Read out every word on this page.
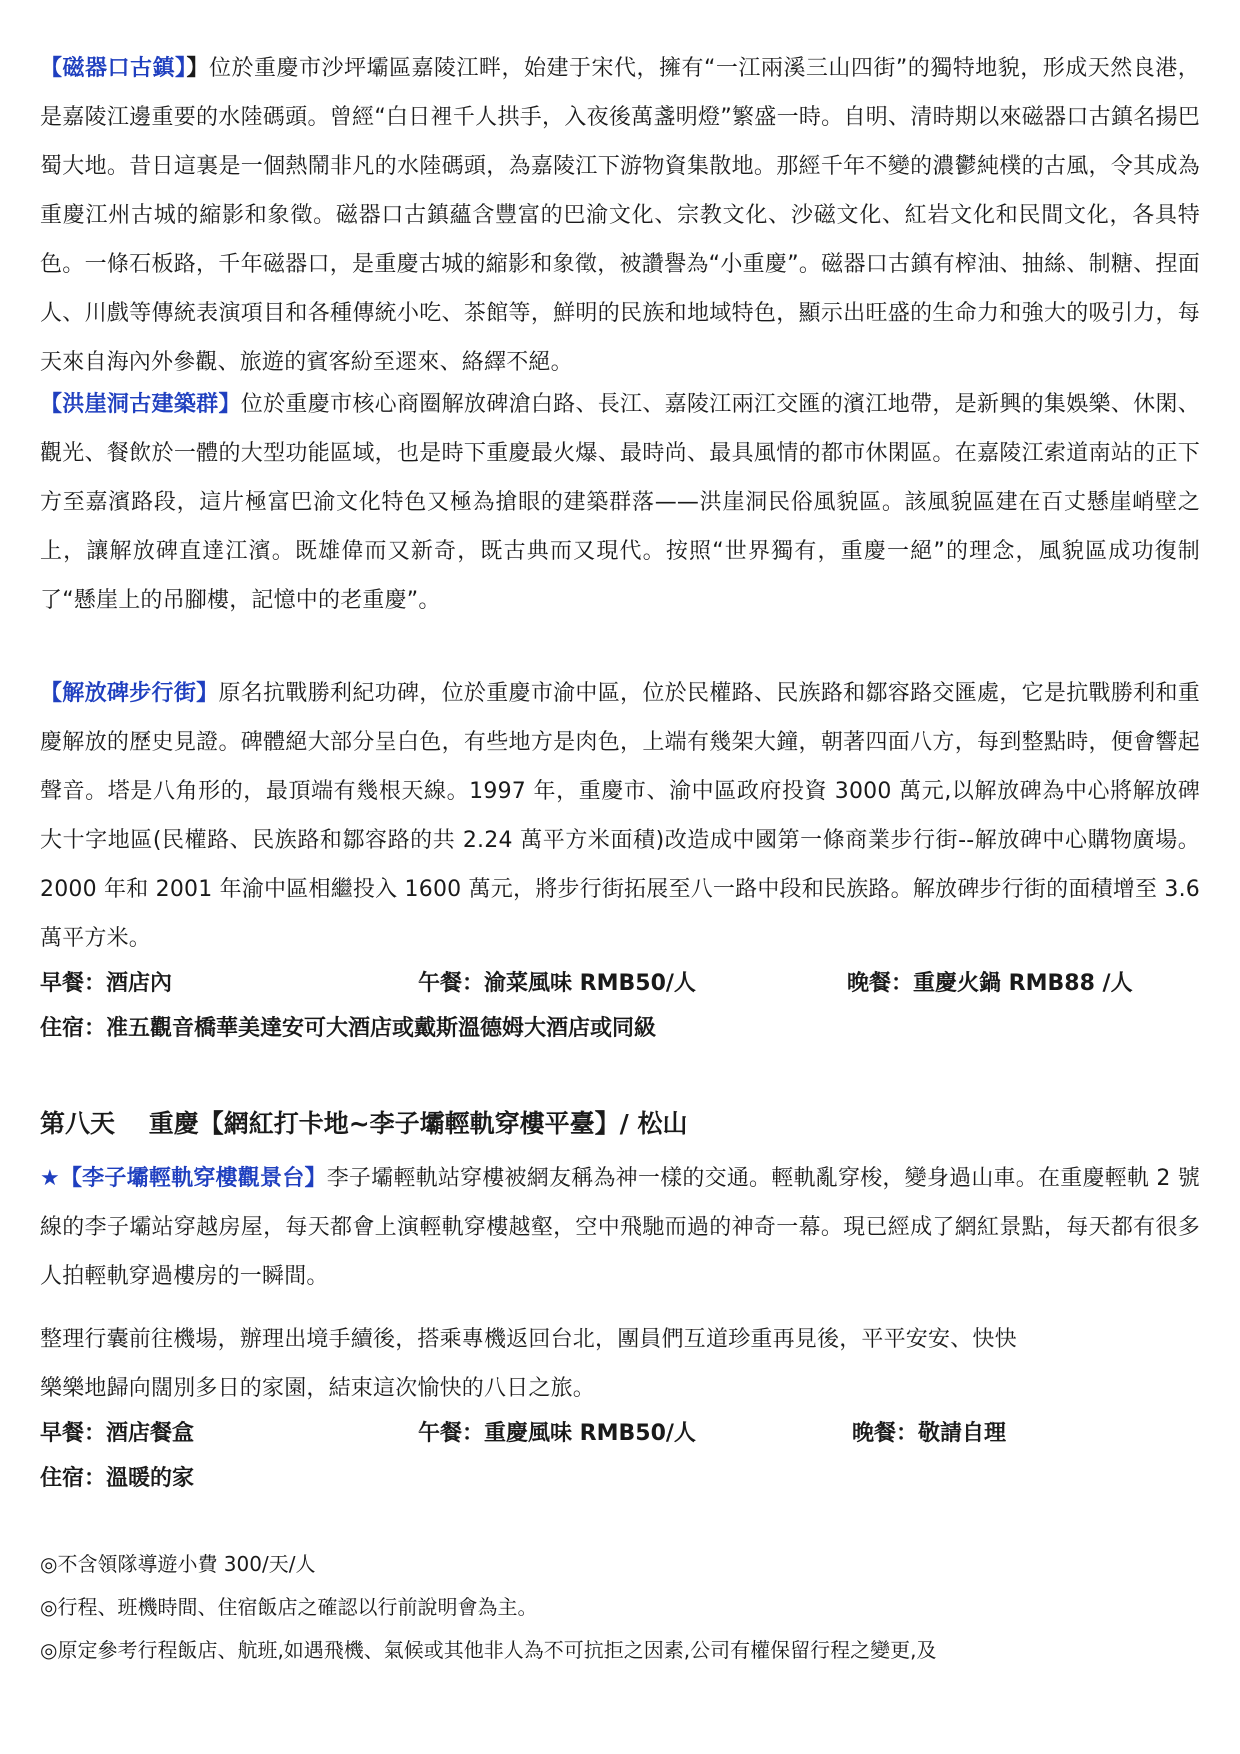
【磁器口古鎮】】位於重慶市沙坪壩區嘉陵江畔，始建于宋代，擁有“一江兩溪三山四街”的獨特地貌，形成天然良港，是嘉陵江邊重要的水陸碼頭。曾經“白日裡千人拱手，入夜後萬盞明燈”繁盛一時。自明、清時期以來磁器口古鎮名揚巴蜀大地。昔日這裏是一個熱鬧非凡的水陸碼頭，為嘉陵江下游物資集散地。那經千年不變的濃鬱純樸的古風，令其成為重慶江州古城的縮影和象徵。磁器口古鎮蘊含豐富的巴渝文化、宗教文化、沙磁文化、紅岩文化和民間文化，各具特色。一條石板路，千年磁器口，是重慶古城的縮影和象徵，被讚譽為“小重慶”。磁器口古鎮有榨油、抽絲、制糖、捏面人、川戲等傳統表演項目和各種傳統小吃、茶館等，鮮明的民族和地域特色，顯示出旺盛的生命力和強大的吸引力，每天來自海內外參觀、旅遊的賓客紛至遝來、絡繹不絕。

【洪崖洞古建築群】位於重慶市核心商圈解放碑滄白路、長江、嘉陵江兩江交匯的濱江地帶，是新興的集娛樂、休閑、觀光、餐飲於一體的大型功能區域，也是時下重慶最火爆、最時尚、最具風情的都市休閑區。在嘉陵江索道南站的正下方至嘉濱路段，這片極富巴渝文化特色又極為搶眼的建築群落——洪崖洞民俗風貌區。該風貌區建在百丈懸崖峭壁之上，讓解放碑直達江濱。既雄偉而又新奇，既古典而又現代。按照“世界獨有，重慶一絕”的理念，風貌區成功復制了“懸崖上的吊腳樓，記憶中的老重慶”。

【解放碑步行街】原名抗戰勝利紀功碑，位於重慶市渝中區，位於民權路、民族路和鄒容路交匯處，它是抗戰勝利和重慶解放的歷史見證。碑體絕大部分呈白色，有些地方是肉色，上端有幾架大鐘，朝著四面八方，每到整點時，便會響起聲音。塔是八角形的，最頂端有幾根天線。1997 年，重慶市、渝中區政府投資 3000 萬元,以解放碑為中心將解放碑大十字地區(民權路、民族路和鄒容路的共 2.24 萬平方米面積)改造成中國第一條商業步行街--解放碑中心購物廣場。2000 年和 2001 年渝中區相繼投入 1600 萬元，將步行街拓展至八一路中段和民族路。解放碑步行街的面積增至 3.6 萬平方米。

早餐：酒店內	午餐：渝菜風味 RMB50/人	晚餐：重慶火鍋 RMB88 /人
住宿：准五觀音橋華美達安可大酒店或戴斯溫德姆大酒店或同級
第八天　 重慶【網紅打卡地~李子壩輕軌穿樓平臺】/ 松山

★【李子壩輕軌穿樓觀景台】李子壩輕軌站穿樓被網友稱為神一樣的交通。輕軌亂穿梭，變身過山車。在重慶輕軌 2 號線的李子壩站穿越房屋，每天都會上演輕軌穿樓越壑，空中飛馳而過的神奇一幕。現已經成了網紅景點，每天都有很多人拍輕軌穿過樓房的一瞬間。

整理行囊前往機場，辦理出境手續後，搭乘專機返回台北，團員們互道珍重再見後，平平安安、快快
樂樂地歸向闊別多日的家園，結束這次愉快的八日之旅。
早餐：酒店餐盒	午餐：重慶風味 RMB50/人	晚餐：敬請自理
住宿：溫暖的家
◎不含領隊導遊小費 300/天/人
◎行程、班機時間、住宿飯店之確認以行前說明會為主。
◎原定參考行程飯店、航班,如遇飛機、氣候或其他非人為不可抗拒之因素,公司有權保留行程之變更,及
